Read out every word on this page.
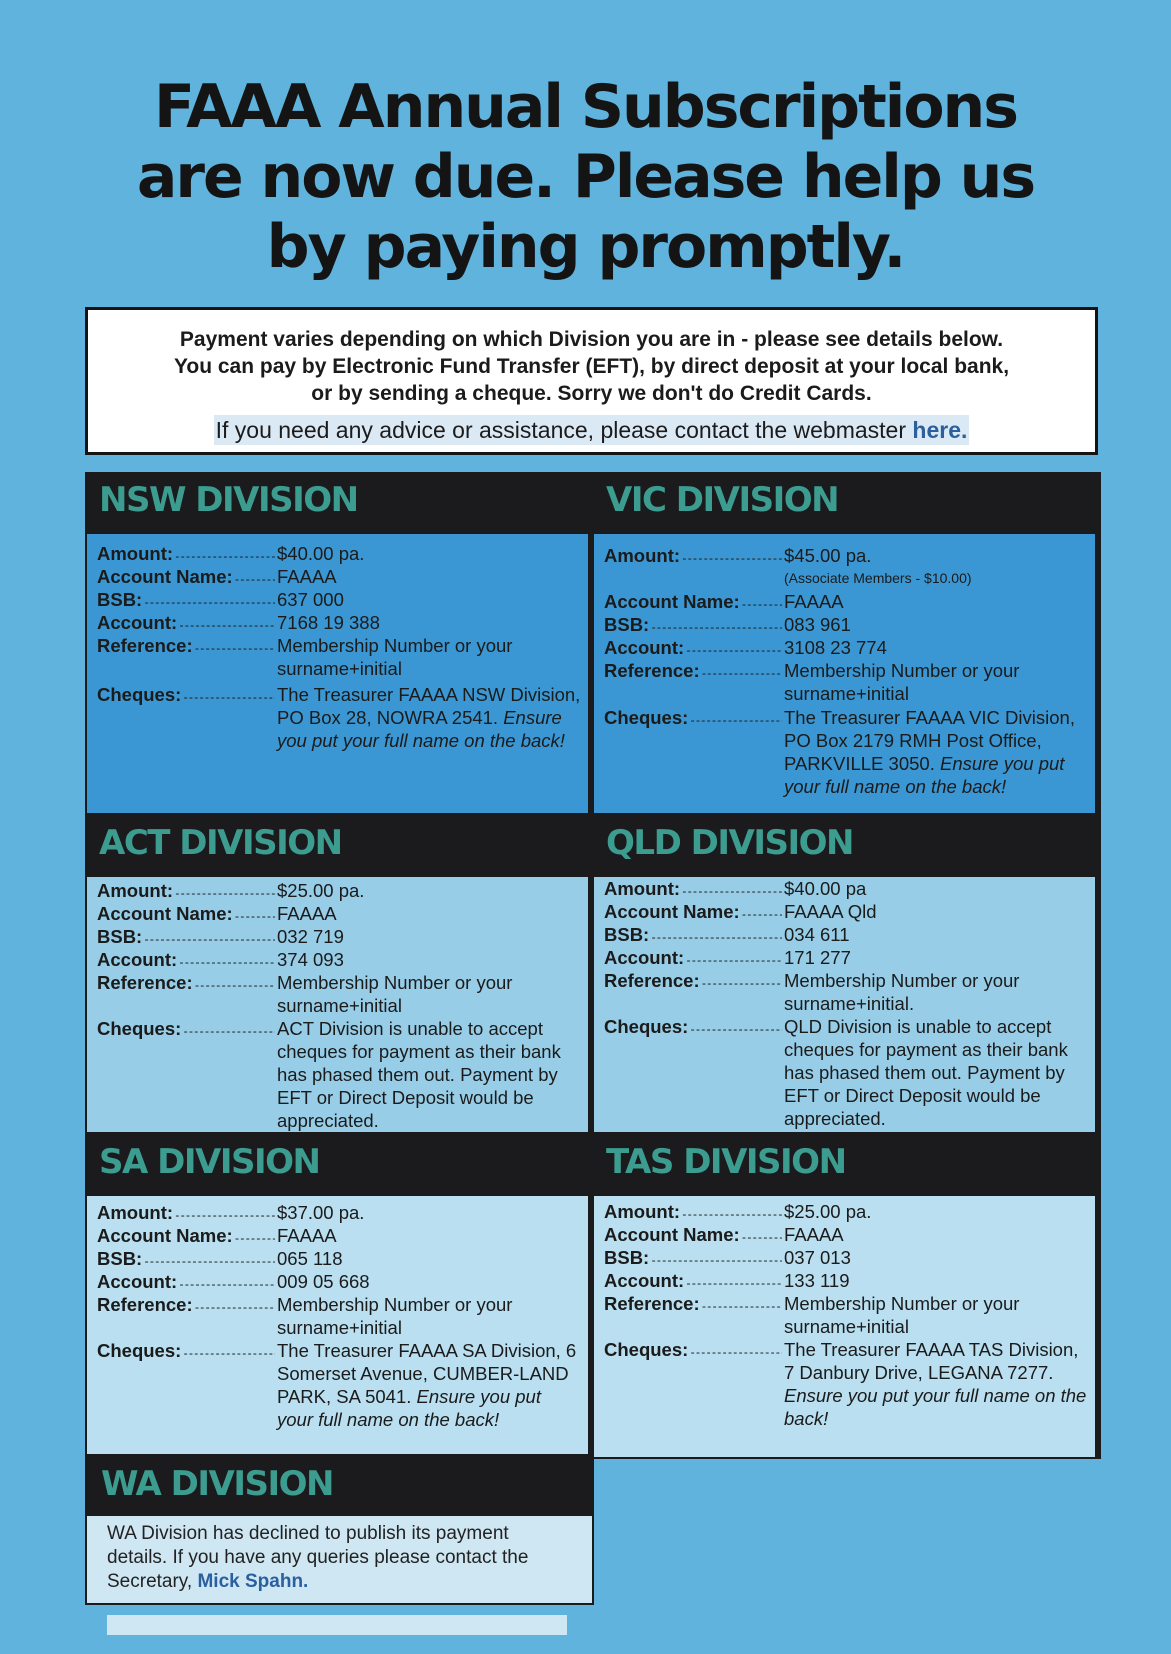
FAAA Annual Subscriptions
are now due. Please help us
by paying promptly.
Payment varies depending on which Division you are in - please see details below.
You can pay by Electronic Fund Transfer (EFT), by direct deposit at your local bank,
or by sending a cheque. Sorry we don't do Credit Cards.
If you need any advice or assistance, please contact the webmaster here.
NSW DIVISION
Amount: - - -	$40.00 pa.
Account Name: - - -	FAAAA
BSB: - - -	637 000
Account: - - -	7168 19 388
Reference: - - -	Membership Number or your surname+initial
Cheques: - - -	The Treasurer FAAAA NSW Division, PO Box 28, NOWRA 2541. Ensure you put your full name on the back!
VIC DIVISION
Amount: - - -	$45.00 pa.
(Associate Members - $10.00)
Account Name: - - -	FAAAA
BSB: - - -	083 961
Account: - - -	3108 23 774
Reference: - - -	Membership Number or your surname+initial
Cheques: - - -	The Treasurer FAAAA VIC Division, PO Box 2179 RMH Post Office, PARKVILLE 3050. Ensure you put your full name on the back!
ACT DIVISION
Amount: - - -	$25.00 pa.
Account Name: - - -	FAAAA
BSB: - - -	032 719
Account: - - -	374 093
Reference: - - -	Membership Number or your surname+initial
Cheques: - - -	ACT Division is unable to accept cheques for payment as their bank has phased them out. Payment by EFT or Direct Deposit would be appreciated.
QLD DIVISION
Amount: - - -	$40.00 pa
Account Name: - - -	FAAAA Qld
BSB: - - -	034 611
Account: - - -	171 277
Reference: - - -	Membership Number or your surname+initial.
Cheques: - - -	QLD Division is unable to accept cheques for payment as their bank has phased them out. Payment by EFT or Direct Deposit would be appreciated.
SA DIVISION
Amount: - - -	$37.00 pa.
Account Name: - - -	FAAAA
BSB: - - -	065 118
Account: - - -	009 05 668
Reference: - - -	Membership Number or your surname+initial
Cheques: - - -	The Treasurer FAAAA SA Division, 6 Somerset Avenue, CUMBER-LAND PARK, SA 5041. Ensure you put your full name on the back!
TAS DIVISION
Amount: - - -	$25.00 pa.
Account Name: - - -	FAAAA
BSB: - - -	037 013
Account: - - -	133 119
Reference: - - -	Membership Number or your surname+initial
Cheques: - - -	The Treasurer FAAAA TAS Division, 7 Danbury Drive, LEGANA 7277. Ensure you put your full name on the back!
WA DIVISION
WA Division has declined to publish its payment details. If you have any queries please contact the Secretary, Mick Spahn.
